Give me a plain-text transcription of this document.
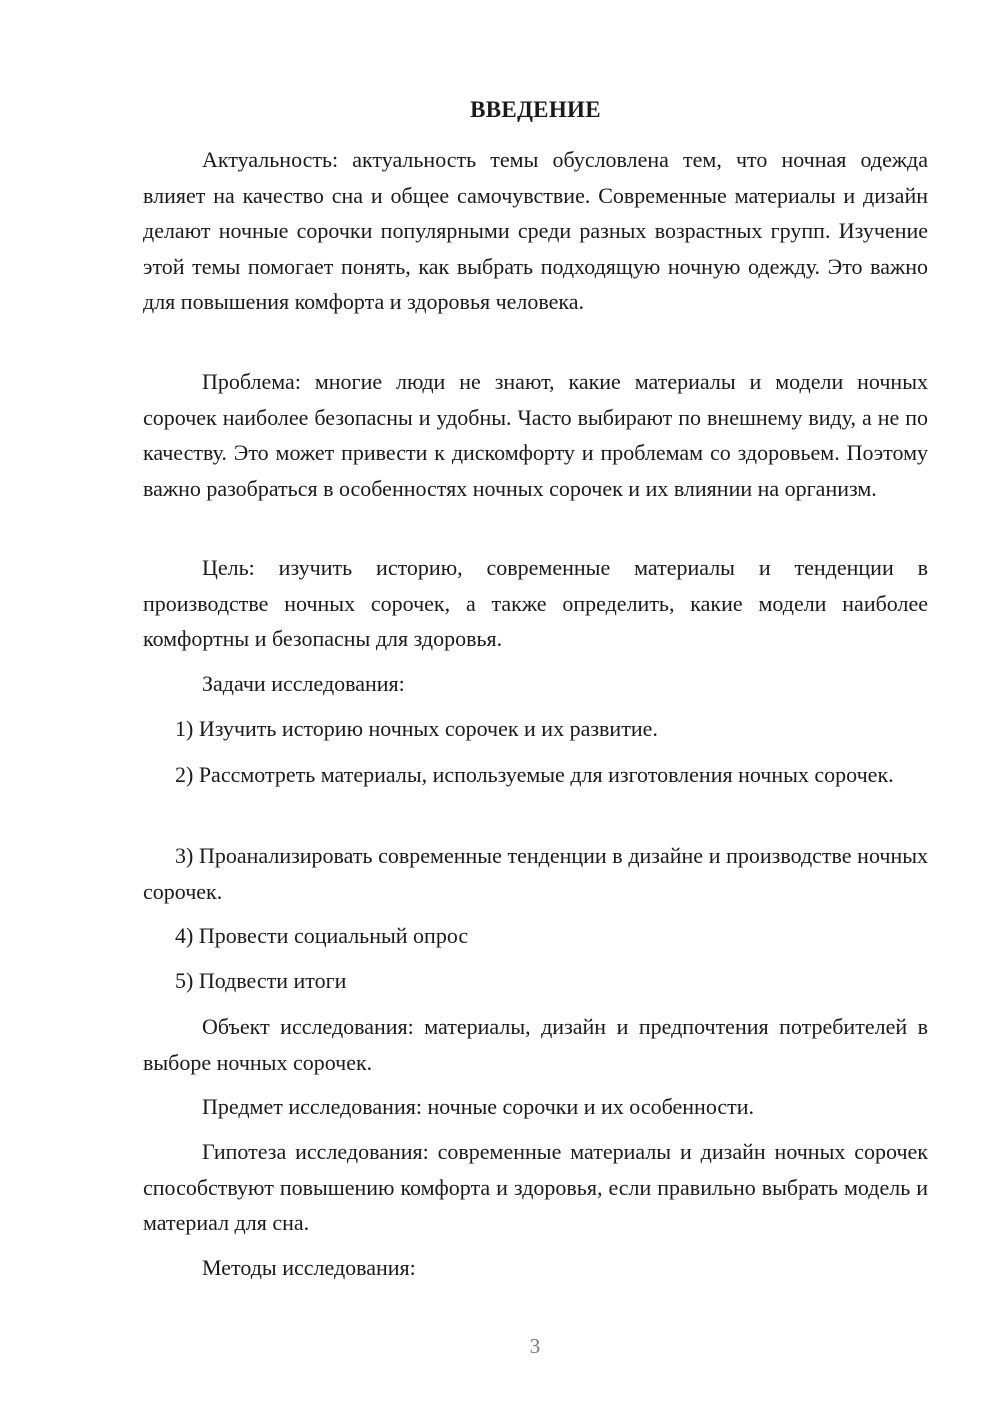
ВВЕДЕНИЕ

Актуальность: актуальность темы обусловлена тем, что ночная одежда влияет на качество сна и общее самочувствие. Современные материалы и дизайн делают ночные сорочки популярными среди разных возрастных групп. Изучение этой темы помогает понять, как выбрать подходящую ночную одежду. Это важно для повышения комфорта и здоровья человека.

Проблема: многие люди не знают, какие материалы и модели ночных сорочек наиболее безопасны и удобны. Часто выбирают по внешнему виду, а не по качеству. Это может привести к дискомфорту и проблемам со здоровьем. Поэтому важно разобраться в особенностях ночных сорочек и их влиянии на организм.

Цель: изучить историю, современные материалы и тенденции в производстве ночных сорочек, а также определить, какие модели наиболее комфортны и безопасны для здоровья.

Задачи исследования:

1) Изучить историю ночных сорочек и их развитие.

2) Рассмотреть материалы, используемые для изготовления ночных сорочек.

3) Проанализировать современные тенденции в дизайне и производстве ночных сорочек.

4) Провести социальный опрос

5) Подвести итоги

Объект исследования: материалы, дизайн и предпочтения потребителей в выборе ночных сорочек.

Предмет исследования: ночные сорочки и их особенности.

Гипотеза исследования: современные материалы и дизайн ночных сорочек способствуют повышению комфорта и здоровья, если правильно выбрать модель и материал для сна.

Методы исследования:

3
